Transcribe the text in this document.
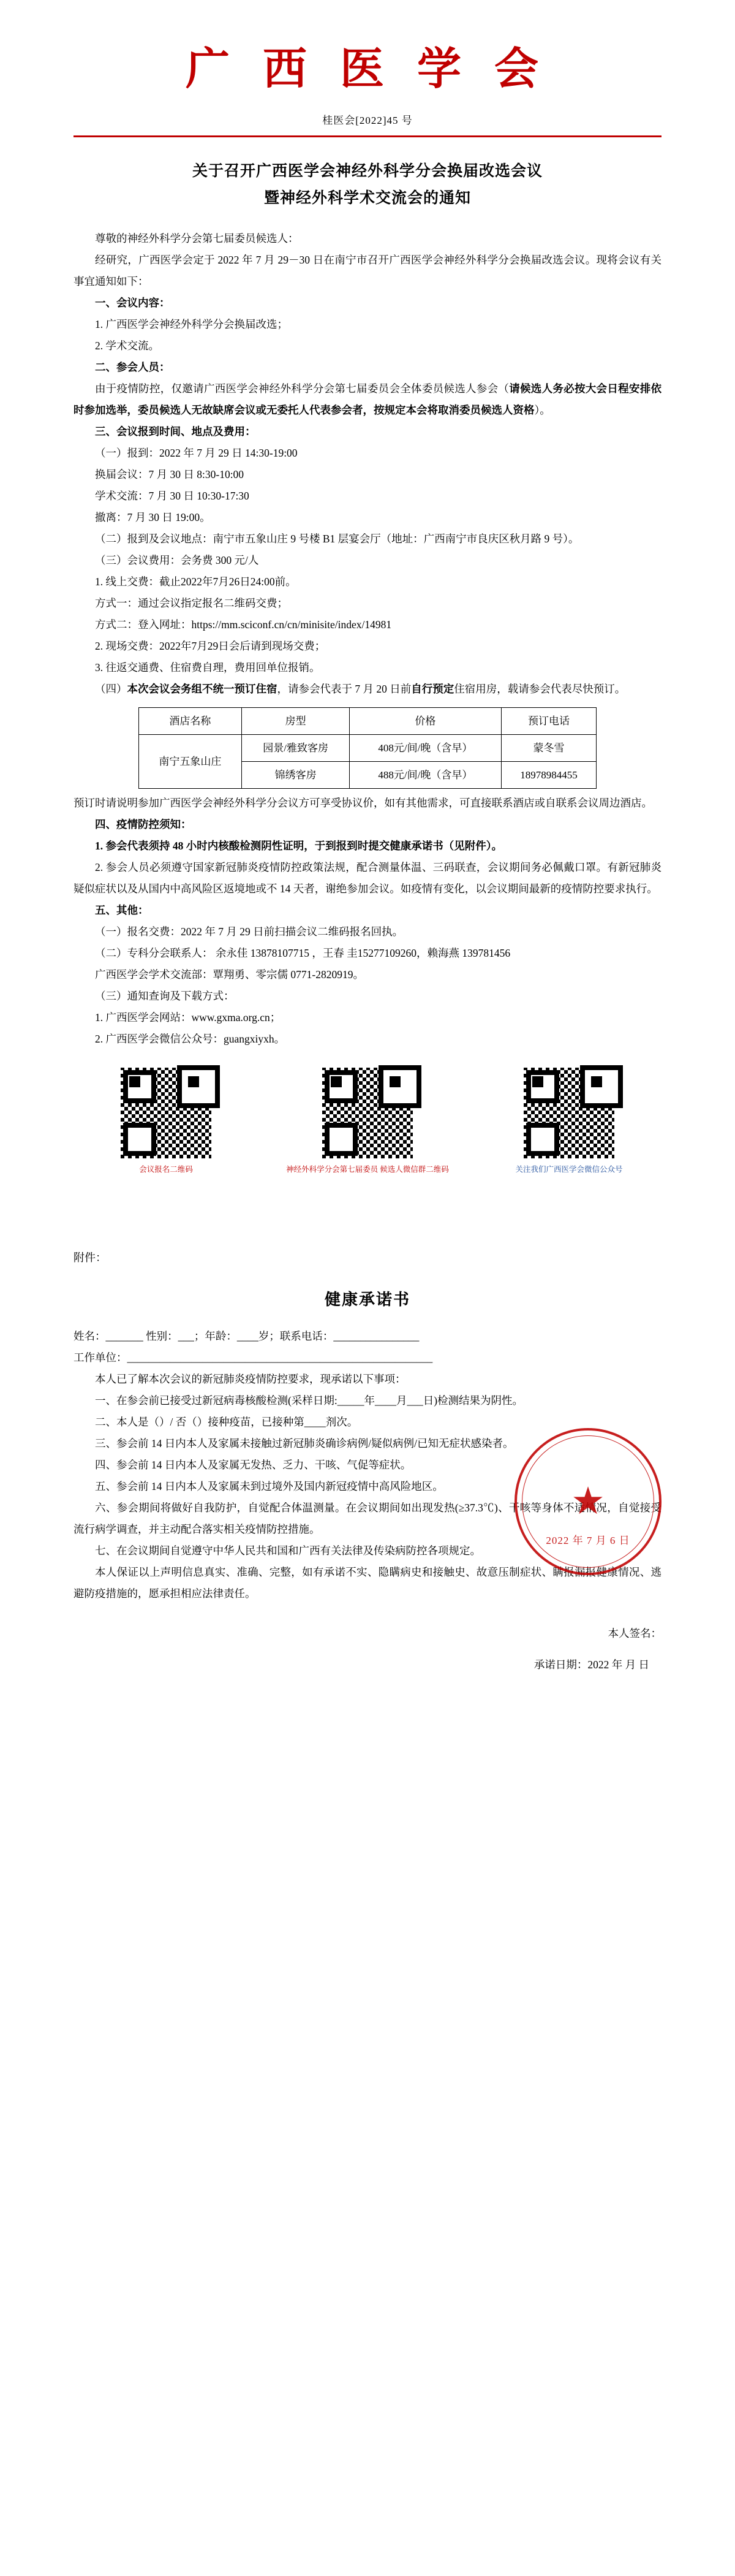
广 西 医 学 会
桂医会[2022]45 号
关于召开广西医学会神经外科学分会换届改选会议
暨神经外科学术交流会的通知

尊敬的神经外科学分会第七届委员候选人：

经研究，广西医学会定于 2022 年 7 月 29－30 日在南宁市召开广西医学会神经外科学分会换届改选会议。现将会议有关事宜通知如下：

一、会议内容：

1. 广西医学会神经外科学分会换届改选；

2. 学术交流。

二、参会人员：

由于疫情防控，仅邀请广西医学会神经外科学分会第七届委员会全体委员候选人参会（请候选人务必按大会日程安排依时参加选举，委员候选人无故缺席会议或无委托人代表参会者，按规定本会将取消委员候选人资格）。

三、会议报到时间、地点及费用：

（一）报到：2022 年 7 月 29 日 14:30-19:00

换届会议：7 月 30 日 8:30-10:00

学术交流：7 月 30 日 10:30-17:30

撤离：7 月 30 日 19:00。

（二）报到及会议地点：南宁市五象山庄 9 号楼 B1 层宴会厅（地址：广西南宁市良庆区秋月路 9 号）。

（三）会议费用：会务费 300 元/人

1. 线上交费：截止2022年7月26日24:00前。

方式一：通过会议指定报名二维码交费；

方式二：登入网址：https://mm.sciconf.cn/cn/minisite/index/14981

2. 现场交费：2022年7月29日会后请到现场交费；

3. 往返交通费、住宿费自理，费用回单位报销。

（四）本次会议会务组不统一预订住宿，请参会代表于 7 月 20 日前自行预定住宿用房，载请参会代表尽快预订。

酒店名称	房型	价格	预订电话
南宁五象山庄	园景/雅致客房	408元/间/晚（含早）	蒙冬雪
	锦绣客房	488元/间/晚（含早）	18978984455

预订时请说明参加广西医学会神经外科学分会议方可享受协议价，如有其他需求，可直接联系酒店或自联系会议周边酒店。

四、疫情防控须知：

1. 参会代表须持 48 小时内核酸检测阴性证明，于到报到时提交健康承诺书（见附件）。

2. 参会人员必须遵守国家新冠肺炎疫情防控政策法规，配合测量体温、三码联查，会议期间务必佩戴口罩。有新冠肺炎疑似症状以及从国内中高风险区返境地或不 14 天者，谢绝参加会议。如疫情有变化，以会议期间最新的疫情防控要求执行。

五、其他：

（一）报名交费：2022 年 7 月 29 日前扫描会议二维码报名回执。

（二）专科分会联系人： 余永佳 13878107715 ，王春 圭15277109260，赖海燕 139781456

广西医学会学术交流部：覃翔勇、零宗儒 0771-2820919。

（三）通知查询及下载方式：

1. 广西医学会网站：www.gxma.org.cn；

2. 广西医学会微信公众号：guangxiyxh。

会议报名二维码	神经外科学分会第七届委员 候选人微信群二维码	关注我们广西医学会微信公众号
★
2022 年 7 月 6 日
附件：
健康承诺书

姓名：_______ 性别：___；年龄：____岁；联系电话：________________

工作单位：_________________________________________________________

本人已了解本次会议的新冠肺炎疫情防控要求，现承诺以下事项：

一、在参会前已接受过新冠病毒核酸检测(采样日期:_____年____月___日)检测结果为阴性。

二、本人是（）/ 否（）接种疫苗，已接种第____剂次。

三、参会前 14 日内本人及家属未接触过新冠肺炎确诊病例/疑似病例/已知无症状感染者。

四、参会前 14 日内本人及家属无发热、乏力、干咳、气促等症状。

五、参会前 14 日内本人及家属未到过境外及国内新冠疫情中高风险地区。

六、参会期间将做好自我防护，自觉配合体温测量。在会议期间如出现发热(≥37.3℃)、干咳等身体不适情况，自觉接受流行病学调查，并主动配合落实相关疫情防控措施。

七、在会议期间自觉遵守中华人民共和国和广西有关法律及传染病防控各项规定。

本人保证以上声明信息真实、准确、完整，如有承诺不实、隐瞒病史和接触史、故意压制症状、瞒报漏报健康情况、逃避防疫措施的，愿承担相应法律责任。

本人签名：
承诺日期：2022 年 月 日
